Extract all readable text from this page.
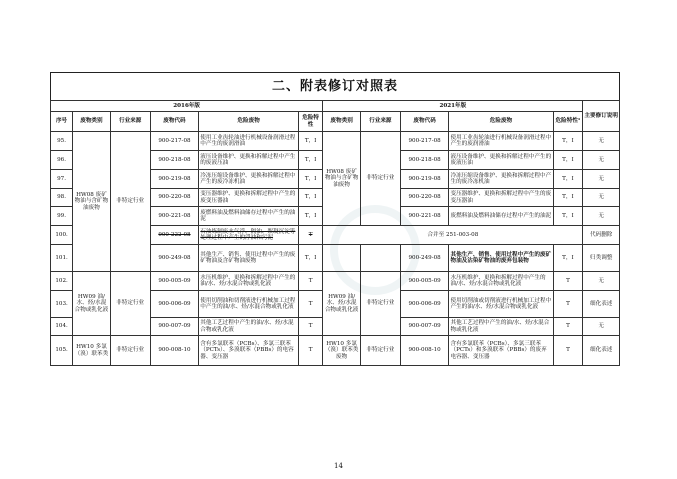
二、附表修订对照表
2016年版						2021年版					主要修订说明
序号	废物类别	行业来源	废物代码	危险废物	危险特性	废物类别	行业来源	废物代码	危险废物	危险特性¹	
95.	HW08 废矿物油与含矿物油废物	非特定行业	900-217-08	使用工业齿轮油进行机械设备润滑过程中产生的废润滑油	T，I	HW08 废矿物油与含矿物油废物	非特定行业	900-217-08	使用工业齿轮油进行机械设备润滑过程中产生的废润滑油	T，I	无
96.			900-218-08	液压设备维护、更换和拆解过程中产生的废液压油	T，I			900-218-08	液压设备维护、更换和拆解过程中产生的废液压油	T，I	无
97.			900-219-08	冷冻压缩设备维护、更换和拆解过程中产生的废冷冻机油	T，I			900-219-08	冷冻压缩设备维护、更换和拆解过程中产生的废冷冻机油	T，I	无
98.			900-220-08	变压器维护、更换和拆解过程中产生的废变压器油	T，I			900-220-08	变压器维护、更换和拆解过程中产生的废变压器油	T，I	无
99.			900-221-08	废燃料油及燃料油储存过程中产生的油泥	T，I			900-221-08	废燃料油及燃料油储存过程中产生的油泥	T，I	无
100.			900-222-08	石油炼制废水气浮、隔油、絮凝沉淀等处理过程中产生的浮油和污泥	T	合并至 251-003-08					代码删除
101.			900-249-08	其他生产、销售、使用过程中产生的废矿物油及含矿物油废物	T，I			900-249-08	其他生产、销售、使用过程中产生的废矿物油及沾染矿物油的废弃包装物	T，I	归类调整
102.	HW09 油/水、烃/水混合物或乳化液	非特定行业	900-005-09	水压机维护、更换和拆解过程中产生的油/水、烃/水混合物或乳化液	T	HW09 油/水、烃/水混合物或乳化液	非特定行业	900-005-09	水压机维护、更换和拆解过程中产生的油/水、烃/水混合物或乳化液	T	无
103.			900-006-09	使用切削油和切削液进行机械加工过程中产生的油/水、烃/水混合物或乳化液	T			900-006-09	使用切削油或切削液进行机械加工过程中产生的油/水、烃/水混合物或乳化液	T	细化表述
104.			900-007-09	其他工艺过程中产生的油/水、烃/水混合物或乳化液	T			900-007-09	其他工艺过程中产生的油/水、烃/水混合物或乳化液	T	无
105.	HW10 多氯（溴）联苯类	非特定行业	900-008-10	含有多氯联苯（PCBs）、多氯三联苯（PCTs）、多溴联苯（PBBs）的电容器、变压器	T	HW10 多氯（溴）联苯类废物	非特定行业	900-008-10	含有多氯联苯（PCBs）、多氯三联苯（PCTs）和多溴联苯（PBBs）的废弃电容器、变压器	T	细化表述
14
